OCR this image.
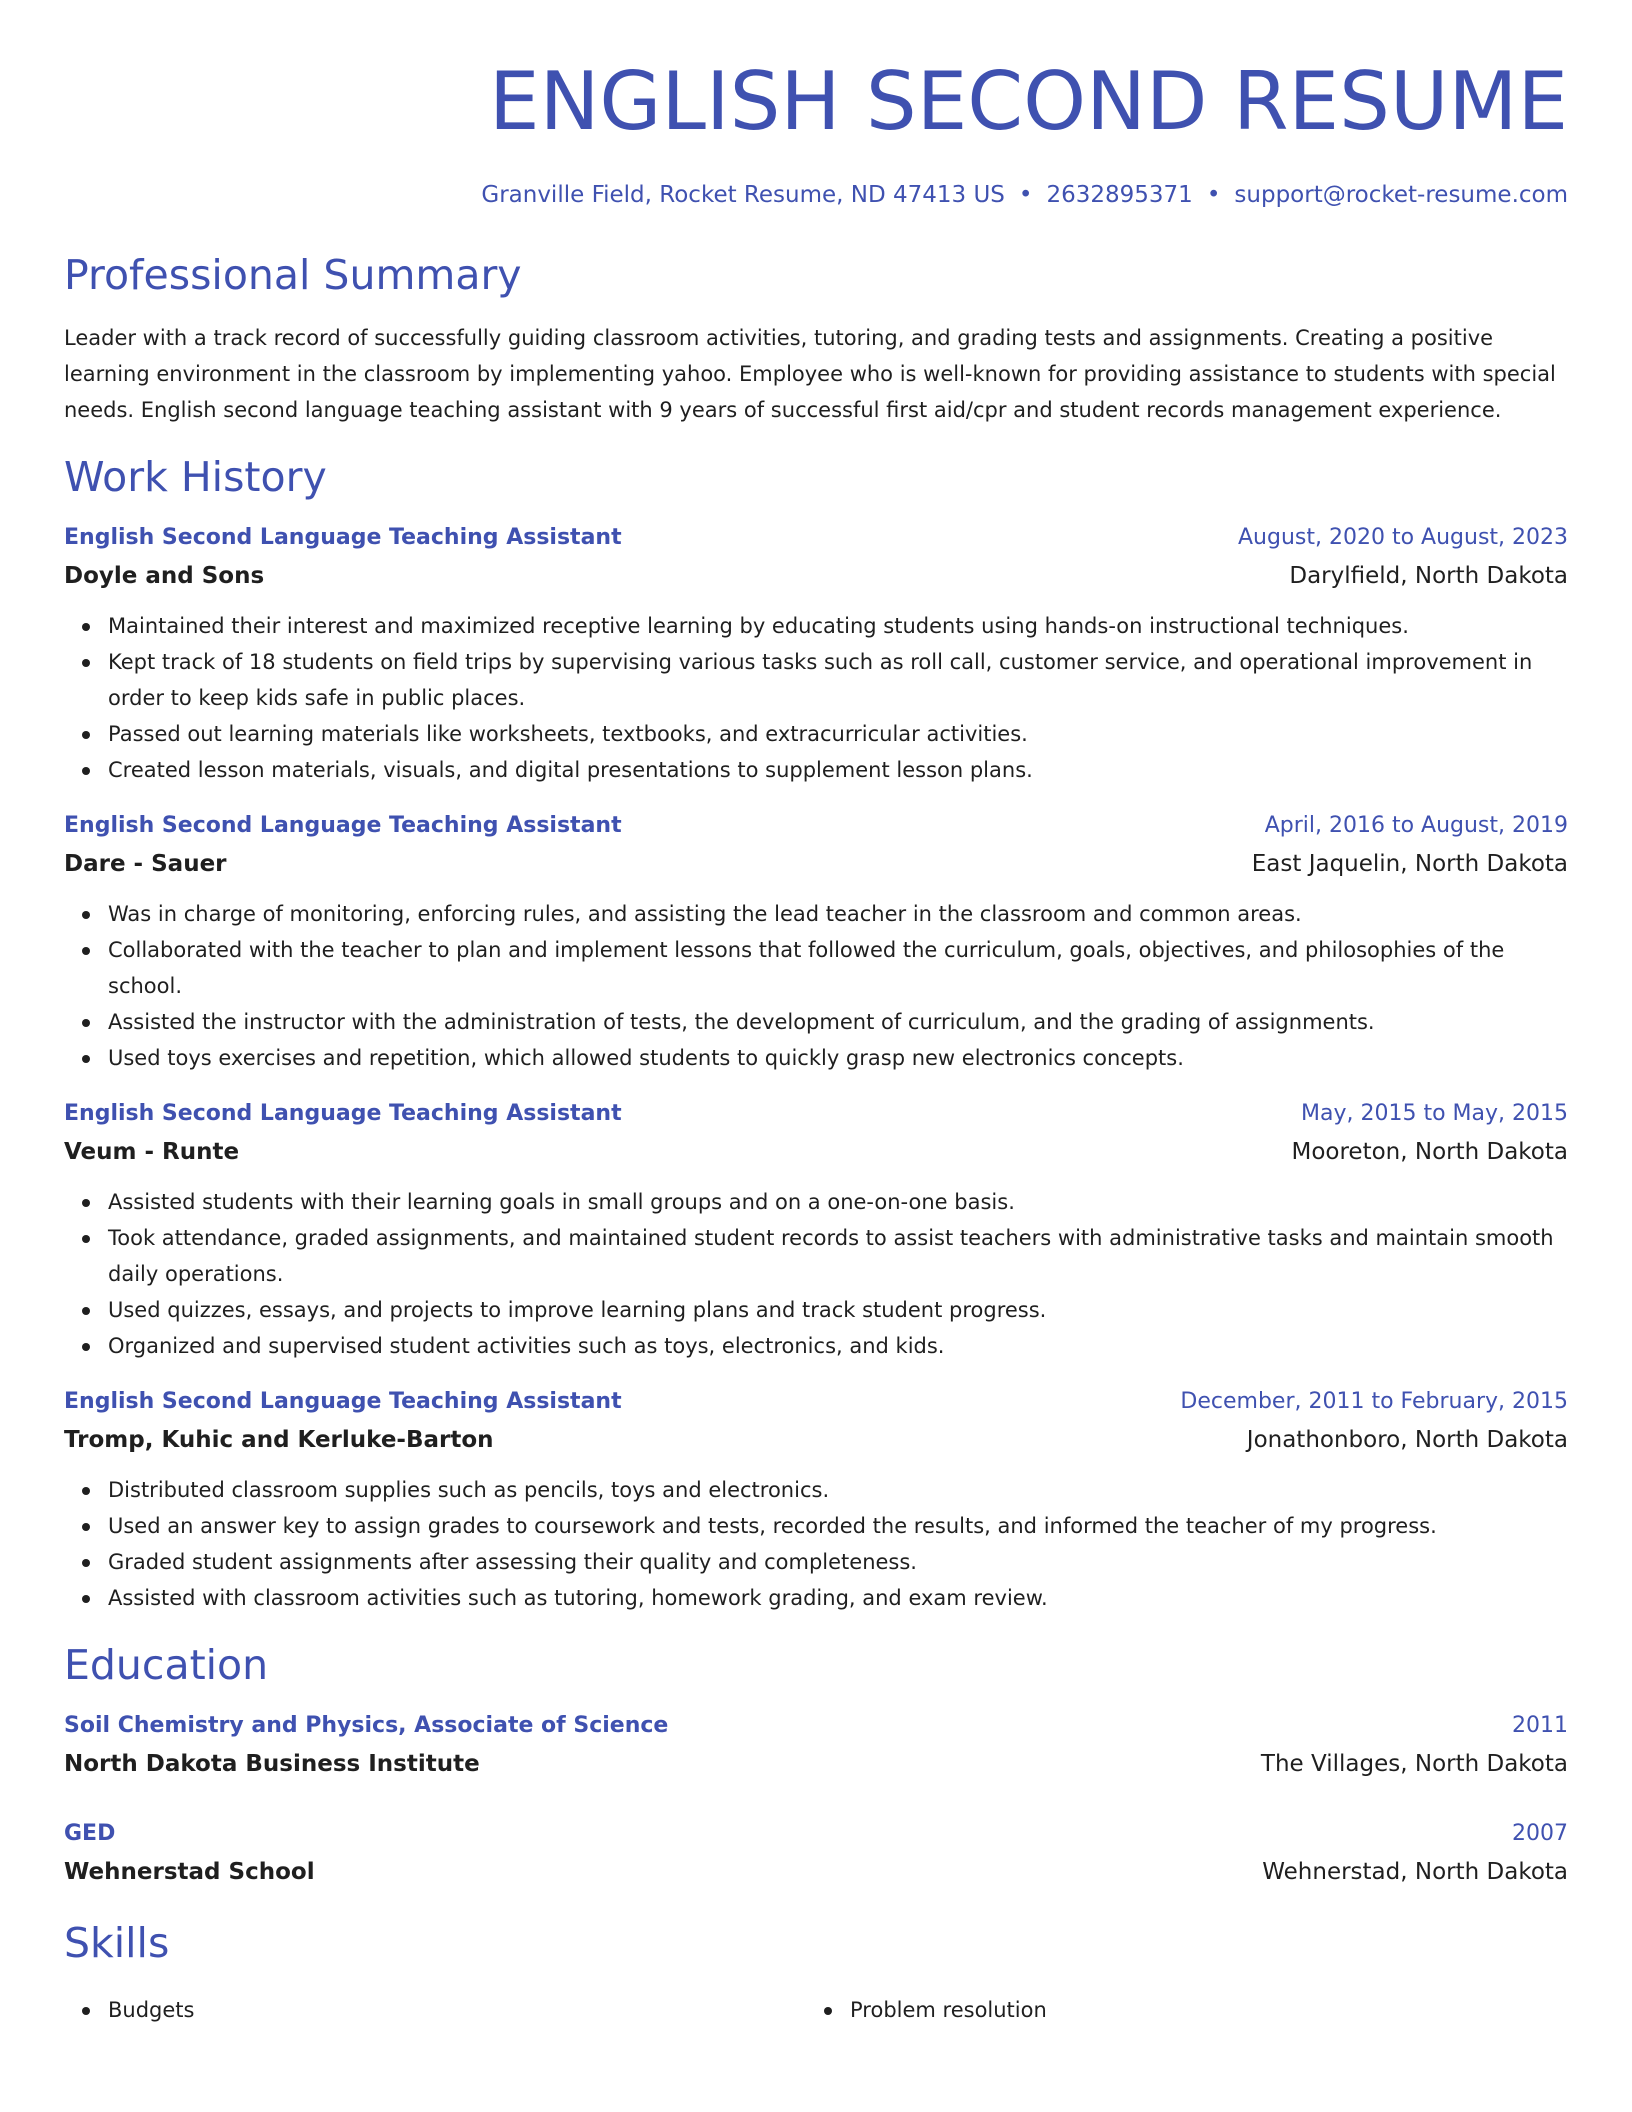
ENGLISH SECOND RESUME
Granville Field, Rocket Resume, ND 47413 US • 2632895371 • support@rocket-resume.com
Professional Summary

Leader with a track record of successfully guiding classroom activities, tutoring, and grading tests and assignments. Creating a positive learning environment in the classroom by implementing yahoo. Employee who is well-known for providing assistance to students with special needs. English second language teaching assistant with 9 years of successful first aid/cpr and student records management experience.

Work History
English Second Language Teaching Assistant	August, 2020 to August, 2023
Doyle and Sons	Darylfield, North Dakota
Maintained their interest and maximized receptive learning by educating students using hands-on instructional techniques.
Kept track of 18 students on field trips by supervising various tasks such as roll call, customer service, and operational improvement in order to keep kids safe in public places.
Passed out learning materials like worksheets, textbooks, and extracurricular activities.
Created lesson materials, visuals, and digital presentations to supplement lesson plans.
English Second Language Teaching Assistant	April, 2016 to August, 2019
Dare - Sauer	East Jaquelin, North Dakota
Was in charge of monitoring, enforcing rules, and assisting the lead teacher in the classroom and common areas.
Collaborated with the teacher to plan and implement lessons that followed the curriculum, goals, objectives, and philosophies of the school.
Assisted the instructor with the administration of tests, the development of curriculum, and the grading of assignments.
Used toys exercises and repetition, which allowed students to quickly grasp new electronics concepts.
English Second Language Teaching Assistant	May, 2015 to May, 2015
Veum - Runte	Mooreton, North Dakota
Assisted students with their learning goals in small groups and on a one-on-one basis.
Took attendance, graded assignments, and maintained student records to assist teachers with administrative tasks and maintain smooth daily operations.
Used quizzes, essays, and projects to improve learning plans and track student progress.
Organized and supervised student activities such as toys, electronics, and kids.
English Second Language Teaching Assistant	December, 2011 to February, 2015
Tromp, Kuhic and Kerluke-Barton	Jonathonboro, North Dakota
Distributed classroom supplies such as pencils, toys and electronics.
Used an answer key to assign grades to coursework and tests, recorded the results, and informed the teacher of my progress.
Graded student assignments after assessing their quality and completeness.
Assisted with classroom activities such as tutoring, homework grading, and exam review.
Education
Soil Chemistry and Physics, Associate of Science	2011
North Dakota Business Institute	The Villages, North Dakota
GED	2007
Wehnerstad School	Wehnerstad, North Dakota
Skills
Budgets	Problem resolution
